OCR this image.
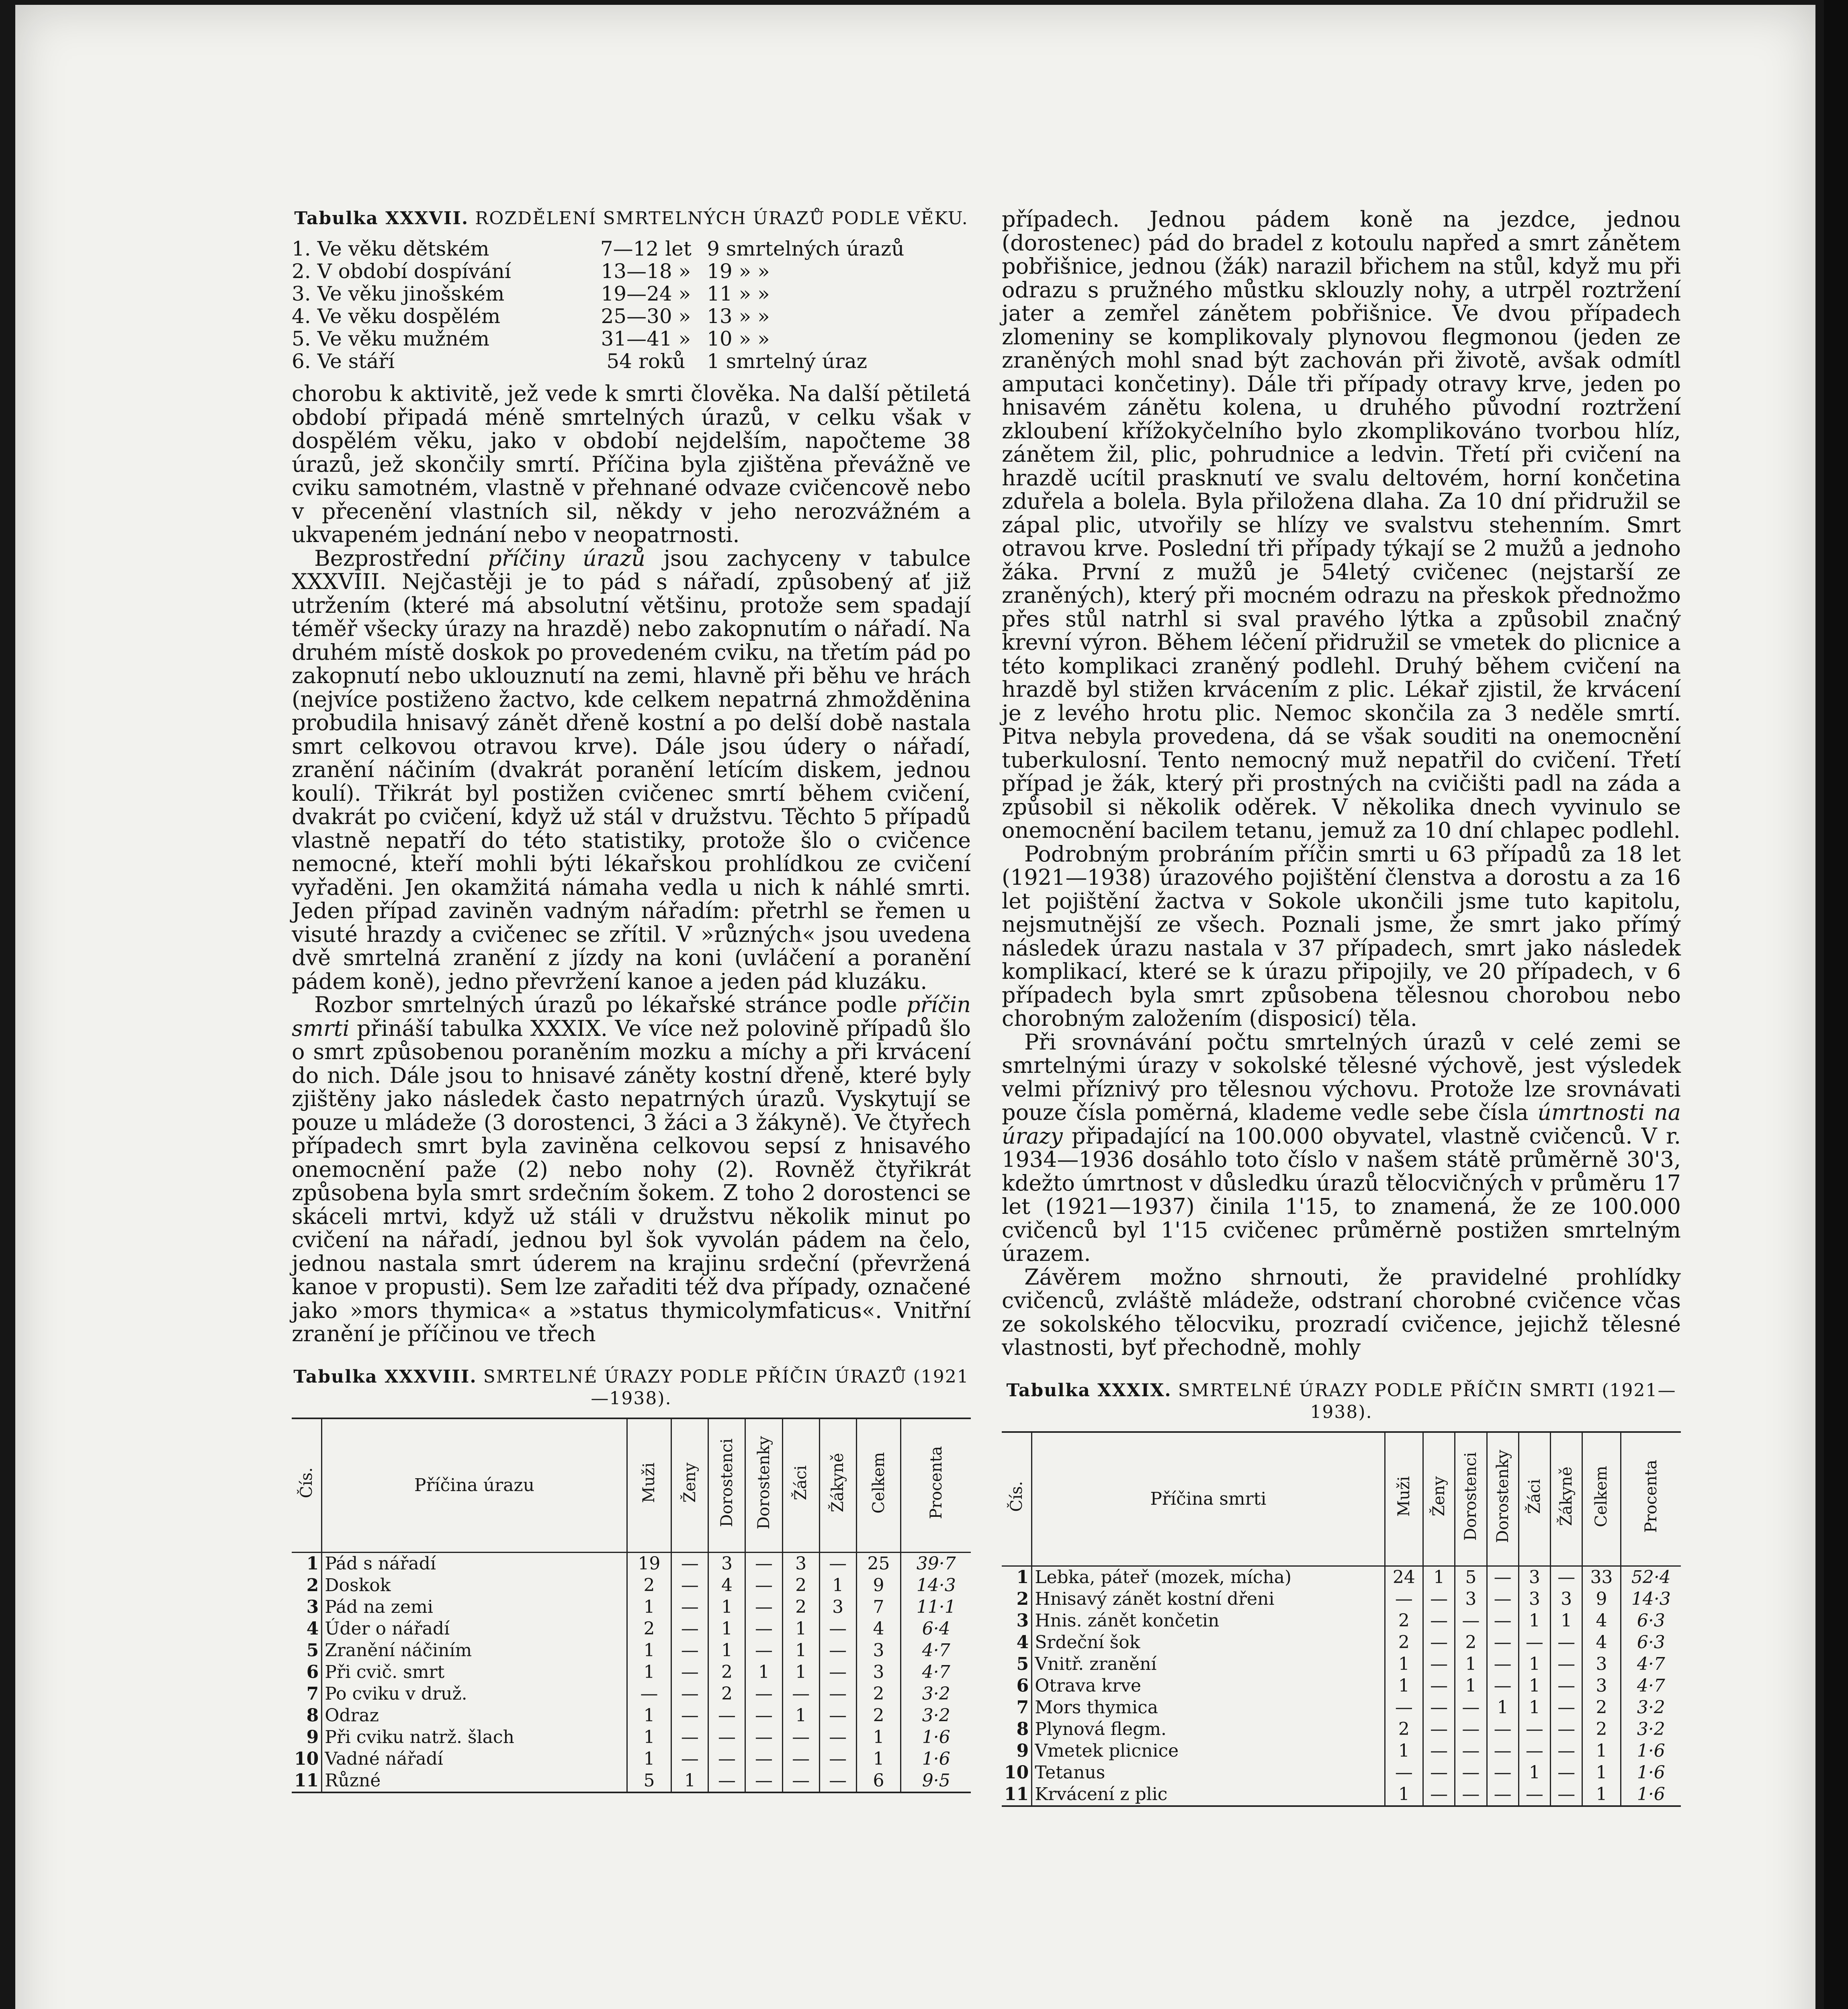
Tabulka XXXVII. ROZDĚLENÍ SMRTELNÝCH ÚRAZŮ PODLE VĚKU.
1. Ve věku dětském	7—12 let	9 smrtelných úrazů
2. V období dospívání	13—18 »	19 » »
3. Ve věku jinošském	19—24 »	11 » »
4. Ve věku dospělém	25—30 »	13 » »
5. Ve věku mužném	31—41 »	10 » »
6. Ve stáří	54 roků	1 smrtelný úraz

chorobu k aktivitě, jež vede k smrti člověka. Na další pětiletá období připadá méně smrtelných úrazů, v celku však v dospělém věku, jako v období nejdelším, napočteme 38 úrazů, jež skončily smrtí. Příčina byla zjištěna převážně ve cviku samotném, vlastně v přehnané odvaze cvičencově nebo v přecenění vlastních sil, někdy v jeho nerozvážném a ukvapeném jednání nebo v neopatrnosti.

Bezprostřední příčiny úrazů jsou zachyceny v tabulce XXXVIII. Nejčastěji je to pád s nářadí, způsobený ať již utržením (které má absolutní většinu, protože sem spadají téměř všecky úrazy na hrazdě) nebo zakopnutím o nářadí. Na druhém místě doskok po provedeném cviku, na třetím pád po zakopnutí nebo uklouznutí na zemi, hlavně při běhu ve hrách (nejvíce postiženo žactvo, kde celkem nepatrná zhmožděnina probudila hnisavý zánět dřeně kostní a po delší době nastala smrt celkovou otravou krve). Dále jsou údery o nářadí, zranění náčiním (dvakrát poranění letícím diskem, jednou koulí). Třikrát byl postižen cvičenec smrtí během cvičení, dvakrát po cvičení, když už stál v družstvu. Těchto 5 případů vlastně nepatří do této statistiky, protože šlo o cvičence nemocné, kteří mohli býti lékařskou prohlídkou ze cvičení vyřaděni. Jen okamžitá námaha vedla u nich k náhlé smrti. Jeden případ zaviněn vadným nářadím: přetrhl se řemen u visuté hrazdy a cvičenec se zřítil. V »různých« jsou uvedena dvě smrtelná zranění z jízdy na koni (uvláčení a poranění pádem koně), jedno převržení kanoe a jeden pád kluzáku.

Rozbor smrtelných úrazů po lékařské stránce podle příčin smrti přináší tabulka XXXIX. Ve více než polovině případů šlo o smrt způsobenou poraněním mozku a míchy a při krvácení do nich. Dále jsou to hnisavé záněty kostní dřeně, které byly zjištěny jako následek často nepatrných úrazů. Vyskytují se pouze u mládeže (3 dorostenci, 3 žáci a 3 žákyně). Ve čtyřech případech smrt byla zaviněna celkovou sepsí z hnisavého onemocnění paže (2) nebo nohy (2). Rovněž čtyřikrát způsobena byla smrt srdečním šokem. Z toho 2 dorostenci se skáceli mrtvi, když už stáli v družstvu několik minut po cvičení na nářadí, jednou byl šok vyvolán pádem na čelo, jednou nastala smrt úderem na krajinu srdeční (převržená kanoe v propusti). Sem lze zařaditi též dva případy, označené jako »mors thymica« a »status thymicolymfaticus«. Vnitřní zranění je příčinou ve třech

Tabulka XXXVIII. SMRTELNÉ ÚRAZY PODLE PŘÍČIN ÚRAZŮ (1921—1938).
Čís.	Příčina úrazu	Muži	Ženy	Dorostenci	Dorostenky	Žáci	Žákyně	Celkem	Procenta
1	Pád s nářadí	19	—	3	—	3	—	25	39·7
2	Doskok	2	—	4	—	2	1	9	14·3
3	Pád na zemi	1	—	1	—	2	3	7	11·1
4	Úder o nářadí	2	—	1	—	1	—	4	6·4
5	Zranění náčiním	1	—	1	—	1	—	3	4·7
6	Při cvič. smrt	1	—	2	1	1	—	3	4·7
7	Po cviku v druž.	—	—	2	—	—	—	2	3·2
8	Odraz	1	—	—	—	1	—	2	3·2
9	Při cviku natrž. šlach	1	—	—	—	—	—	1	1·6
10	Vadné nářadí	1	—	—	—	—	—	1	1·6
11	Různé	5	1	—	—	—	—	6	9·5

případech. Jednou pádem koně na jezdce, jednou (dorostenec) pád do bradel z kotoulu napřed a smrt zánětem pobřišnice, jednou (žák) narazil břichem na stůl, když mu při odrazu s pružného můstku sklouzly nohy, a utrpěl roztržení jater a zemřel zánětem pobřišnice. Ve dvou případech zlomeniny se komplikovaly plynovou flegmonou (jeden ze zraněných mohl snad být zachován při životě, avšak odmítl amputaci končetiny). Dále tři případy otravy krve, jeden po hnisavém zánětu kolena, u druhého původní roztržení zkloubení křížokyčelního bylo zkomplikováno tvorbou hlíz, zánětem žil, plic, pohrudnice a ledvin. Třetí při cvičení na hrazdě ucítil prasknutí ve svalu deltovém, horní končetina zduřela a bolela. Byla přiložena dlaha. Za 10 dní přidružil se zápal plic, utvořily se hlízy ve svalstvu stehenním. Smrt otravou krve. Poslední tři případy týkají se 2 mužů a jednoho žáka. První z mužů je 54letý cvičenec (nejstarší ze zraněných), který při mocném odrazu na přeskok přednožmo přes stůl natrhl si sval pravého lýtka a způsobil značný krevní výron. Během léčení přidružil se vmetek do plicnice a této komplikaci zraněný podlehl. Druhý během cvičení na hrazdě byl stižen krvácením z plic. Lékař zjistil, že krvácení je z levého hrotu plic. Nemoc skončila za 3 neděle smrtí. Pitva nebyla provedena, dá se však souditi na onemocnění tuberkulosní. Tento nemocný muž nepatřil do cvičení. Třetí případ je žák, který při prostných na cvičišti padl na záda a způsobil si několik oděrek. V několika dnech vyvinulo se onemocnění bacilem tetanu, jemuž za 10 dní chlapec podlehl.

Podrobným probráním příčin smrti u 63 případů za 18 let (1921—1938) úrazového pojištění členstva a dorostu a za 16 let pojištění žactva v Sokole ukončili jsme tuto kapitolu, nejsmutnější ze všech. Poznali jsme, že smrt jako přímý následek úrazu nastala v 37 případech, smrt jako následek komplikací, které se k úrazu připojily, ve 20 případech, v 6 případech byla smrt způsobena tělesnou chorobou nebo chorobným založením (disposicí) těla.

Při srovnávání počtu smrtelných úrazů v celé zemi se smrtelnými úrazy v sokolské tělesné výchově, jest výsledek velmi příznivý pro tělesnou výchovu. Protože lze srovnávati pouze čísla poměrná, klademe vedle sebe čísla úmrtnosti na úrazy připadající na 100.000 obyvatel, vlastně cvičenců. V r. 1934—1936 dosáhlo toto číslo v našem státě průměrně 30'3, kdežto úmrtnost v důsledku úrazů tělocvičných v průměru 17 let (1921—1937) činila 1'15, to znamená, že ze 100.000 cvičenců byl 1'15 cvičenec průměrně postižen smrtelným úrazem.

Závěrem možno shrnouti, že pravidelné prohlídky cvičenců, zvláště mládeže, odstraní chorobné cvičence včas ze sokolského tělocviku, prozradí cvičence, jejichž tělesné vlastnosti, byť přechodně, mohly

Tabulka XXXIX. SMRTELNÉ ÚRAZY PODLE PŘÍČIN SMRTI (1921—1938).
Čís.	Příčina smrti	Muži	Ženy	Dorostenci	Dorostenky	Žáci	Žákyně	Celkem	Procenta
1	Lebka, páteř (mozek, mícha)	24	1	5	—	3	—	33	52·4
2	Hnisavý zánět kostní dřeni	—	—	3	—	3	3	9	14·3
3	Hnis. zánět končetin	2	—	—	—	1	1	4	6·3
4	Srdeční šok	2	—	2	—	—	—	4	6·3
5	Vnitř. zranění	1	—	1	—	1	—	3	4·7
6	Otrava krve	1	—	1	—	1	—	3	4·7
7	Mors thymica	—	—	—	1	1	—	2	3·2
8	Plynová flegm.	2	—	—	—	—	—	2	3·2
9	Vmetek plicnice	1	—	—	—	—	—	1	1·6
10	Tetanus	—	—	—	—	1	—	1	1·6
11	Krvácení z plic	1	—	—	—	—	—	1	1·6
